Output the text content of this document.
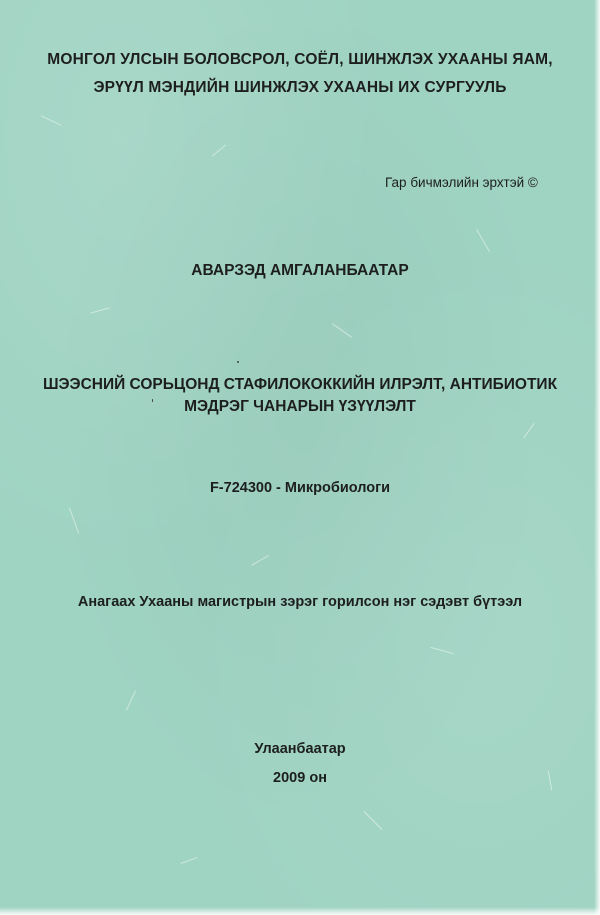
МОНГОЛ УЛСЫН БОЛОВСРОЛ, СОЁЛ, ШИНЖЛЭХ УХААНЫ ЯАМ,
ЭРҮҮЛ МЭНДИЙН ШИНЖЛЭХ УХААНЫ ИХ СУРГУУЛЬ
Гар бичмэлийн эрхтэй ©
АВАРЗЭД АМГАЛАНБААТАР
ШЭЭСНИЙ СОРЬЦОНД СТАФИЛОКОККИЙН ИЛРЭЛТ, АНТИБИОТИК
МЭДРЭГ ЧАНАРЫН ҮЗҮҮЛЭЛТ
F-724300 - Микробиологи
Анагаах Ухааны магистрын зэрэг горилсон нэг сэдэвт бүтээл
Улаанбаатар
2009 он
